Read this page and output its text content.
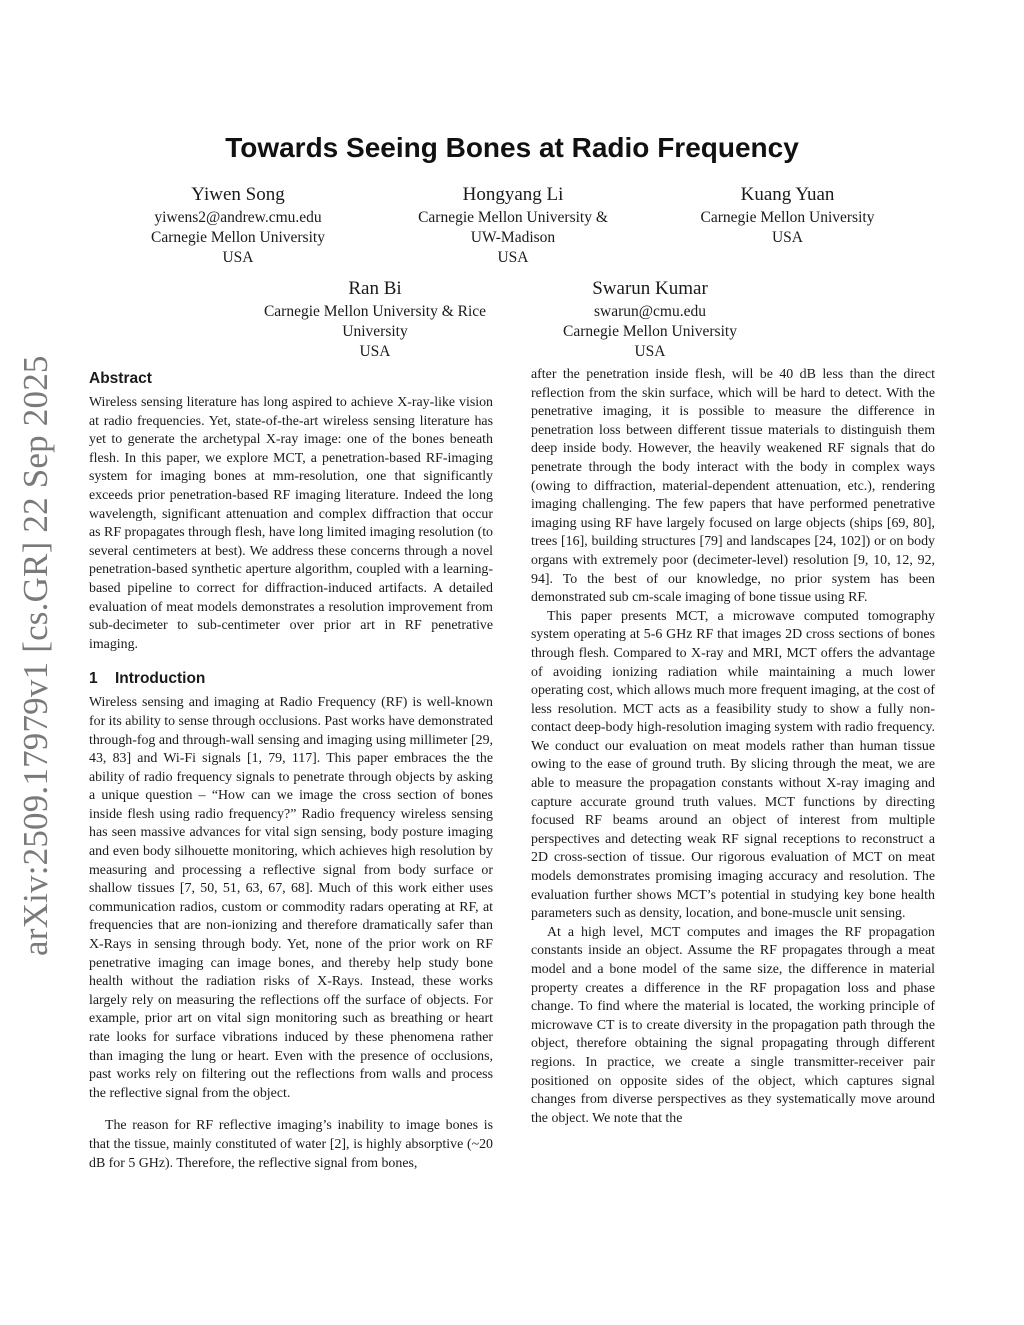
arXiv:2509.17979v1 [cs.GR] 22 Sep 2025
Towards Seeing Bones at Radio Frequency
Yiwen Song
yiwens2@andrew.cmu.edu
Carnegie Mellon University
USA
Hongyang Li
Carnegie Mellon University &
UW-Madison
USA
Kuang Yuan
Carnegie Mellon University
USA
Ran Bi
Carnegie Mellon University & Rice
University
USA
Swarun Kumar
swarun@cmu.edu
Carnegie Mellon University
USA
Abstract

Wireless sensing literature has long aspired to achieve X-ray-like vision at radio frequencies. Yet, state-of-the-art wireless sensing literature has yet to generate the archetypal X-ray image: one of the bones beneath flesh. In this paper, we explore MCT, a penetration-based RF-imaging system for imaging bones at mm-resolution, one that significantly exceeds prior penetration-based RF imaging literature. Indeed the long wavelength, significant attenuation and complex diffraction that occur as RF propagates through flesh, have long limited imaging resolution (to several centimeters at best). We address these concerns through a novel penetration-based synthetic aperture algorithm, coupled with a learning-based pipeline to correct for diffraction-induced artifacts. A detailed evaluation of meat models demonstrates a resolution improvement from sub-decimeter to sub-centimeter over prior art in RF penetrative imaging.

1 Introduction

Wireless sensing and imaging at Radio Frequency (RF) is well-known for its ability to sense through occlusions. Past works have demonstrated through-fog and through-wall sensing and imaging using millimeter [29, 43, 83] and Wi-Fi signals [1, 79, 117]. This paper embraces the the ability of radio frequency signals to penetrate through objects by asking a unique question – “How can we image the cross section of bones inside flesh using radio frequency?” Radio frequency wireless sensing has seen massive advances for vital sign sensing, body posture imaging and even body silhouette monitoring, which achieves high resolution by measuring and processing a reflective signal from body surface or shallow tissues [7, 50, 51, 63, 67, 68]. Much of this work either uses communication radios, custom or commodity radars operating at RF, at frequencies that are non-ionizing and therefore dramatically safer than X-Rays in sensing through body. Yet, none of the prior work on RF penetrative imaging can image bones, and thereby help study bone health without the radiation risks of X-Rays. Instead, these works largely rely on measuring the reflections off the surface of objects. For example, prior art on vital sign monitoring such as breathing or heart rate looks for surface vibrations induced by these phenomena rather than imaging the lung or heart. Even with the presence of occlusions, past works rely on filtering out the reflections from walls and process the reflective signal from the object.

The reason for RF reflective imaging’s inability to image bones is that the tissue, mainly constituted of water [2], is highly absorptive (~20 dB for 5 GHz). Therefore, the reflective signal from bones,

after the penetration inside flesh, will be 40 dB less than the direct reflection from the skin surface, which will be hard to detect. With the penetrative imaging, it is possible to measure the difference in penetration loss between different tissue materials to distinguish them deep inside body. However, the heavily weakened RF signals that do penetrate through the body interact with the body in complex ways (owing to diffraction, material-dependent attenuation, etc.), rendering imaging challenging. The few papers that have performed penetrative imaging using RF have largely focused on large objects (ships [69, 80], trees [16], building structures [79] and landscapes [24, 102]) or on body organs with extremely poor (decimeter-level) resolution [9, 10, 12, 92, 94]. To the best of our knowledge, no prior system has been demonstrated sub cm-scale imaging of bone tissue using RF.

This paper presents MCT, a microwave computed tomography system operating at 5-6 GHz RF that images 2D cross sections of bones through flesh. Compared to X-ray and MRI, MCT offers the advantage of avoiding ionizing radiation while maintaining a much lower operating cost, which allows much more frequent imaging, at the cost of less resolution. MCT acts as a feasibility study to show a fully non-contact deep-body high-resolution imaging system with radio frequency. We conduct our evaluation on meat models rather than human tissue owing to the ease of ground truth. By slicing through the meat, we are able to measure the propagation constants without X-ray imaging and capture accurate ground truth values. MCT functions by directing focused RF beams around an object of interest from multiple perspectives and detecting weak RF signal receptions to reconstruct a 2D cross-section of tissue. Our rigorous evaluation of MCT on meat models demonstrates promising imaging accuracy and resolution. The evaluation further shows MCT’s potential in studying key bone health parameters such as density, location, and bone-muscle unit sensing.

At a high level, MCT computes and images the RF propagation constants inside an object. Assume the RF propagates through a meat model and a bone model of the same size, the difference in material property creates a difference in the RF propagation loss and phase change. To find where the material is located, the working principle of microwave CT is to create diversity in the propagation path through the object, therefore obtaining the signal propagating through different regions. In practice, we create a single transmitter-receiver pair positioned on opposite sides of the object, which captures signal changes from diverse perspectives as they systematically move around the object. We note that the
